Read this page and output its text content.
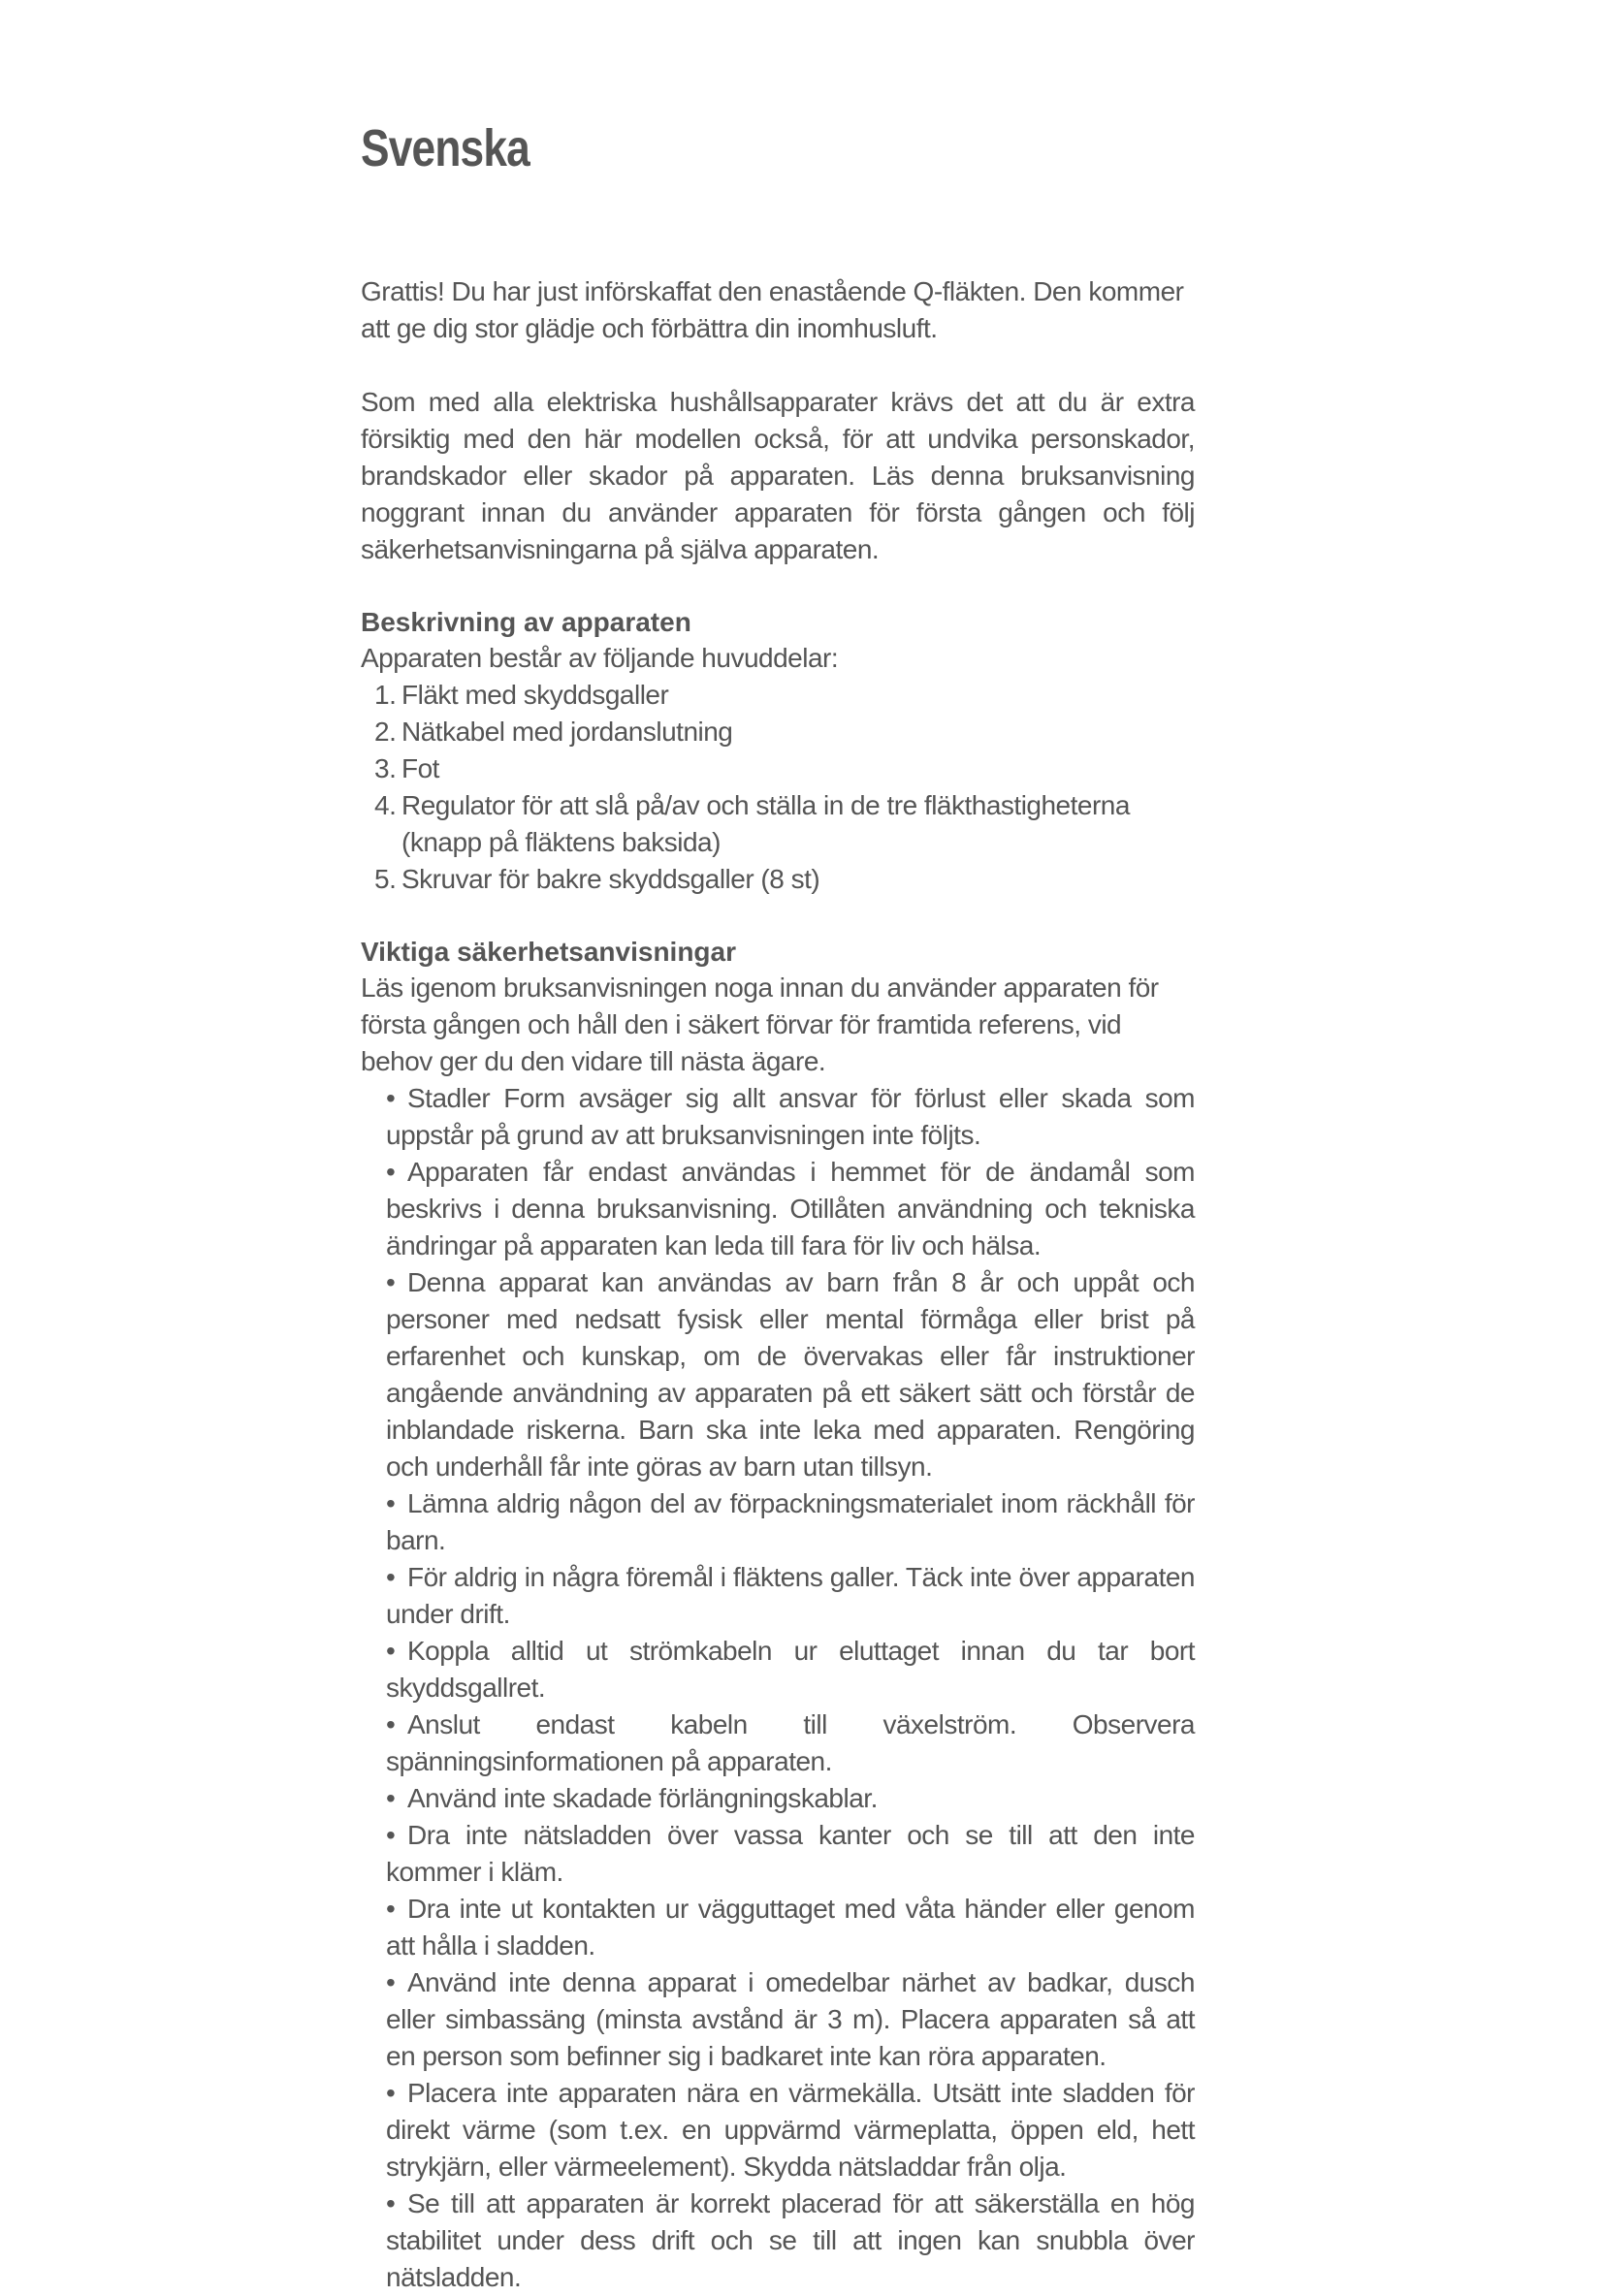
Svenska

Grattis! Du har just införskaffat den enastående Q-fläkten. Den kommer att ge dig stor glädje och förbättra din inomhusluft.

Som med alla elektriska hushållsapparater krävs det att du är extra försiktig med den här modellen också, för att undvika personskador, brandskador eller skador på apparaten. Läs denna bruksanvisning noggrant innan du använder apparaten för första gången och följ säkerhetsanvisningarna på själva apparaten.

Beskrivning av apparaten

Apparaten består av följande huvuddelar:

1. Fläkt med skyddsgaller
2. Nätkabel med jordanslutning
3. Fot
4. Regulator för att slå på/av och ställa in de tre fläkthastigheterna (knapp på fläktens baksida)
5. Skruvar för bakre skyddsgaller (8 st)
Viktiga säkerhetsanvisningar

Läs igenom bruksanvisningen noga innan du använder apparaten för första gången och håll den i säkert förvar för framtida referens, vid behov ger du den vidare till nästa ägare.

• Stadler Form avsäger sig allt ansvar för förlust eller skada som uppstår på grund av att bruksanvisningen inte följts.
• Apparaten får endast användas i hemmet för de ändamål som beskrivs i denna bruksanvisning. Otillåten användning och tekniska ändringar på apparaten kan leda till fara för liv och hälsa.
• Denna apparat kan användas av barn från 8 år och uppåt och personer med nedsatt fysisk eller mental förmåga eller brist på erfarenhet och kunskap, om de övervakas eller får instruktioner angående användning av apparaten på ett säkert sätt och förstår de inblandade riskerna. Barn ska inte leka med apparaten. Rengöring och underhåll får inte göras av barn utan tillsyn.
• Lämna aldrig någon del av förpackningsmaterialet inom räckhåll för barn.
• För aldrig in några föremål i fläktens galler. Täck inte över apparaten under drift.
• Koppla alltid ut strömkabeln ur eluttaget innan du tar bort skyddsgallret.
• Anslut endast kabeln till växelström. Observera spänningsinformationen på apparaten.
• Använd inte skadade förlängningskablar.
• Dra inte nätsladden över vassa kanter och se till att den inte kommer i kläm.
• Dra inte ut kontakten ur vägguttaget med våta händer eller genom att hålla i sladden.
• Använd inte denna apparat i omedelbar närhet av badkar, dusch eller simbassäng (minsta avstånd är 3 m). Placera apparaten så att en person som befinner sig i badkaret inte kan röra apparaten.
• Placera inte apparaten nära en värmekälla. Utsätt inte sladden för direkt värme (som t.ex. en uppvärmd värmeplatta, öppen eld, hett strykjärn, eller värmeelement). Skydda nätsladdar från olja.
• Se till att apparaten är korrekt placerad för att säkerställa en hög stabilitet under dess drift och se till att ingen kan snubbla över nätsladden.
